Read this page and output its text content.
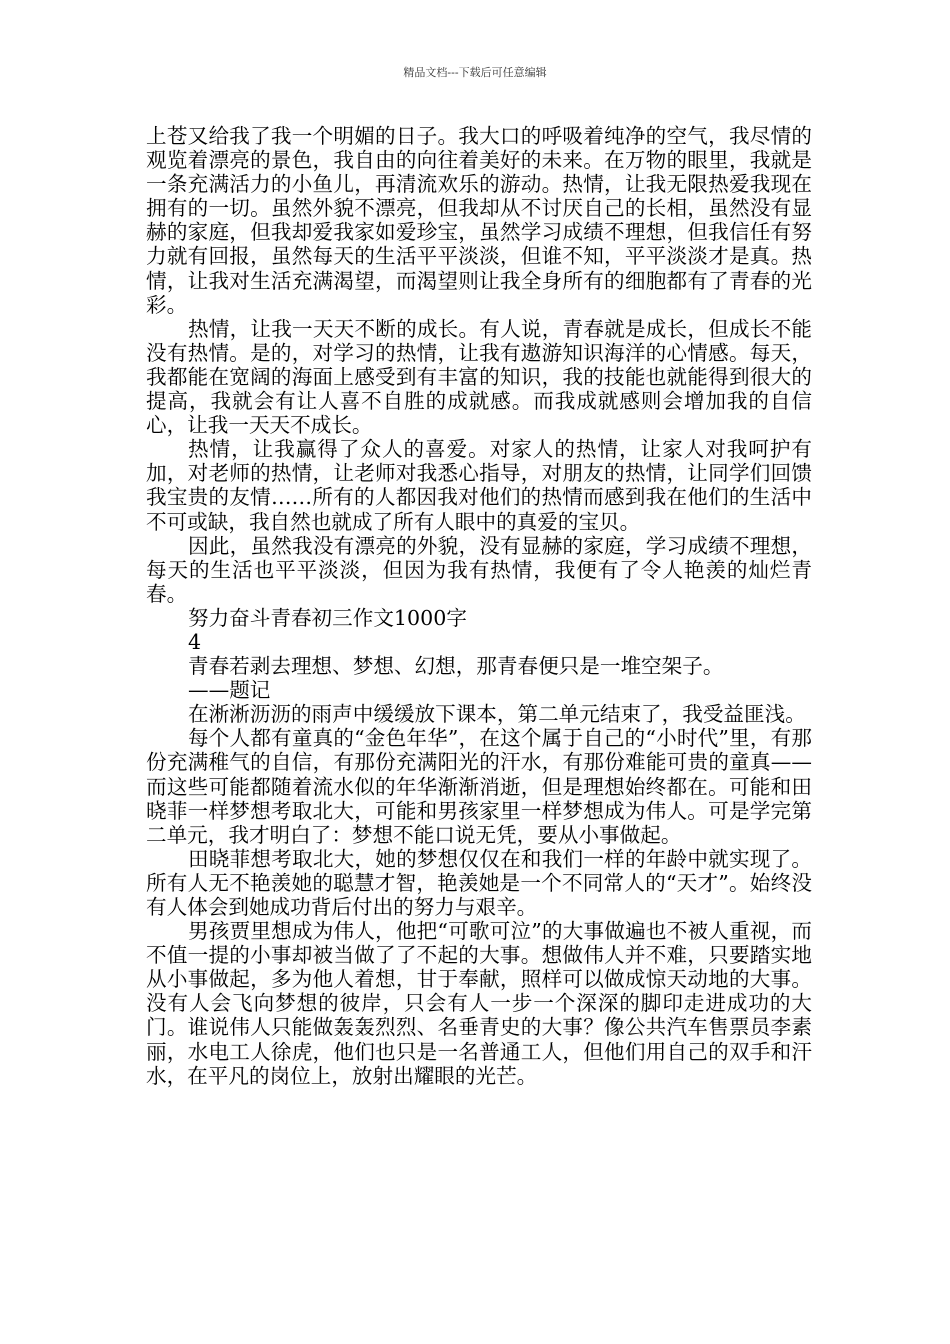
精品文档---下载后可任意编辑

上苍又给我了我一个明媚的日子。我大口的呼吸着纯净的空气，我尽情的观览着漂亮的景色，我自由的向往着美好的未来。在万物的眼里，我就是一条充满活力的小鱼儿，再清流欢乐的游动。热情，让我无限热爱我现在拥有的一切。虽然外貌不漂亮，但我却从不讨厌自己的长相，虽然没有显赫的家庭，但我却爱我家如爱珍宝，虽然学习成绩不理想，但我信任有努力就有回报，虽然每天的生活平平淡淡，但谁不知，平平淡淡才是真。热情，让我对生活充满渴望，而渴望则让我全身所有的细胞都有了青春的光彩。

热情，让我一天天不断的成长。有人说，青春就是成长，但成长不能没有热情。是的，对学习的热情，让我有遨游知识海洋的心情感。每天，我都能在宽阔的海面上感受到有丰富的知识，我的技能也就能得到很大的提高，我就会有让人喜不自胜的成就感。而我成就感则会增加我的自信心，让我一天天不成长。

热情，让我赢得了众人的喜爱。对家人的热情，让家人对我呵护有加，对老师的热情，让老师对我悉心指导，对朋友的热情，让同学们回馈我宝贵的友情……所有的人都因我对他们的热情而感到我在他们的生活中不可或缺，我自然也就成了所有人眼中的真爱的宝贝。

因此，虽然我没有漂亮的外貌，没有显赫的家庭，学习成绩不理想，每天的生活也平平淡淡，但因为我有热情，我便有了令人艳羡的灿烂青春。

努力奋斗青春初三作文1000字

4

青春若剥去理想、梦想、幻想，那青春便只是一堆空架子。

——题记

在淅淅沥沥的雨声中缓缓放下课本，第二单元结束了，我受益匪浅。

每个人都有童真的“金色年华”，在这个属于自己的“小时代”里，有那份充满稚气的自信，有那份充满阳光的汗水，有那份难能可贵的童真——而这些可能都随着流水似的年华渐渐消逝，但是理想始终都在。可能和田晓菲一样梦想考取北大，可能和男孩家里一样梦想成为伟人。可是学完第二单元，我才明白了：梦想不能口说无凭，要从小事做起。

田晓菲想考取北大，她的梦想仅仅在和我们一样的年龄中就实现了。所有人无不艳羡她的聪慧才智，艳羡她是一个不同常人的“天才”。始终没有人体会到她成功背后付出的努力与艰辛。

男孩贾里想成为伟人，他把“可歌可泣”的大事做遍也不被人重视，而不值一提的小事却被当做了了不起的大事。想做伟人并不难，只要踏实地从小事做起，多为他人着想，甘于奉献，照样可以做成惊天动地的大事。没有人会飞向梦想的彼岸，只会有人一步一个深深的脚印走进成功的大门。谁说伟人只能做轰轰烈烈、名垂青史的大事？像公共汽车售票员李素丽，水电工人徐虎，他们也只是一名普通工人，但他们用自己的双手和汗水，在平凡的岗位上，放射出耀眼的光芒。
